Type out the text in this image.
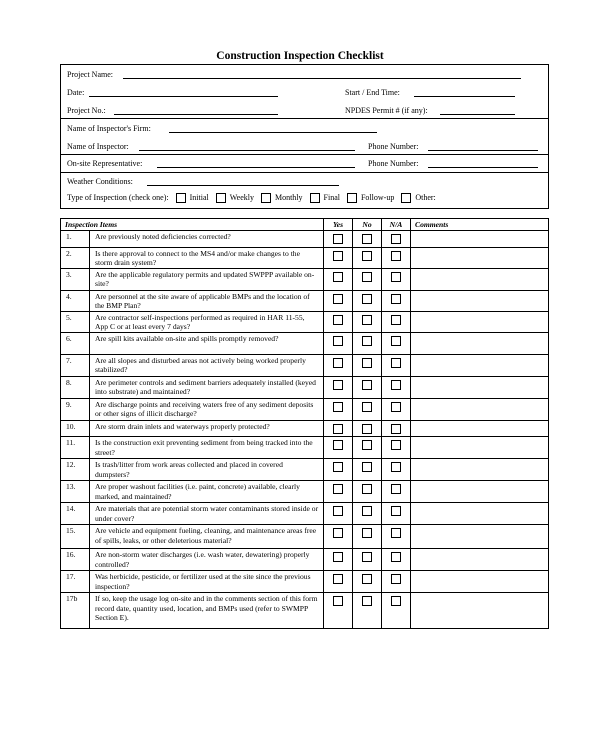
Construction Inspection Checklist
Project Name:
Date:	Start / End Time:
Project No.:	NPDES Permit # (if any):
Name of Inspector's Firm:
Name of Inspector:	Phone Number:
On-site Representative:	Phone Number:
Weather Conditions:
Type of Inspection (check one):	Initial	Weekly	Monthly	Final	Follow-up	Other:
Inspection Items		Yes	No	N/A	Comments
1.	Are previously noted deficiencies corrected?				
2.	Is there approval to connect to the MS4 and/or make changes to the storm drain system?				
3.	Are the applicable regulatory permits and updated SWPPP available on-site?				
4.	Are personnel at the site aware of applicable BMPs and the location of the BMP Plan?				
5.	Are contractor self-inspections performed as required in HAR 11-55, App C or at least every 7 days?				
6.	Are spill kits available on-site and spills promptly removed?				
7.	Are all slopes and disturbed areas not actively being worked properly stabilized?				
8.	Are perimeter controls and sediment barriers adequately installed (keyed into substrate) and maintained?				
9.	Are discharge points and receiving waters free of any sediment deposits or other signs of illicit discharge?				
10.	Are storm drain inlets and waterways properly protected?				
11.	Is the construction exit preventing sediment from being tracked into the street?				
12.	Is trash/litter from work areas collected and placed in covered dumpsters?				
13.	Are proper washout facilities (i.e. paint, concrete) available, clearly marked, and maintained?				
14.	Are materials that are potential storm water contaminants stored inside or under cover?				
15.	Are vehicle and equipment fueling, cleaning, and maintenance areas free of spills, leaks, or other deleterious material?				
16.	Are non-storm water discharges (i.e. wash water, dewatering) properly controlled?				
17.	Was herbicide, pesticide, or fertilizer used at the site since the previous inspection?				
17b	If so, keep the usage log on-site and in the comments section of this form record date, quantity used, location, and BMPs used (refer to SWMPP Section E).				
